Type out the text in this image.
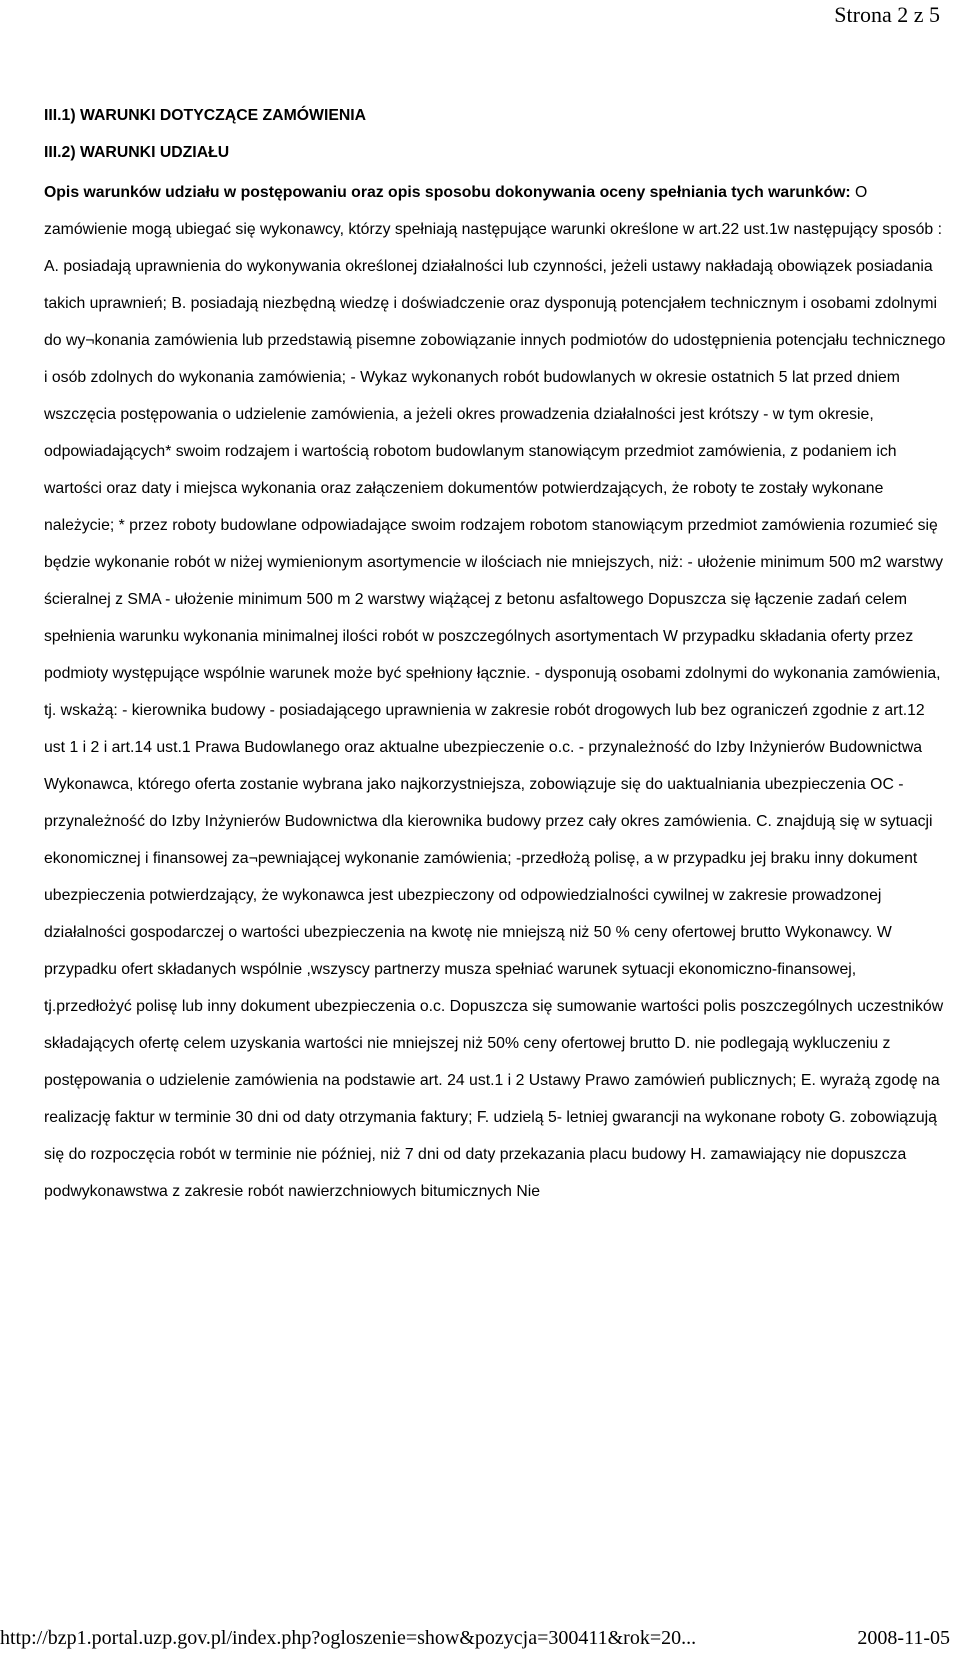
Strona 2 z 5

III.1) WARUNKI DOTYCZĄCE ZAMÓWIENIA

III.2) WARUNKI UDZIAŁU

Opis warunków udziału w postępowaniu oraz opis sposobu dokonywania oceny spełniania tych warunków: O zamówienie mogą ubiegać się wykonawcy, którzy spełniają następujące warunki określone w art.22 ust.1w następujący sposób : A. posiadają uprawnienia do wykonywania określonej działalności lub czynności, jeżeli ustawy nakładają obowiązek posiadania takich uprawnień; B. posiadają niezbędną wiedzę i doświadczenie oraz dysponują potencjałem technicznym i osobami zdolnymi do wy¬konania zamówienia lub przedstawią pisemne zobowiązanie innych podmiotów do udostępnienia potencjału technicznego i osób zdolnych do wykonania zamówienia; - Wykaz wykonanych robót budowlanych w okresie ostatnich 5 lat przed dniem wszczęcia postępowania o udzielenie zamówienia, a jeżeli okres prowadzenia działalności jest krótszy - w tym okresie, odpowiadających* swoim rodzajem i wartością robotom budowlanym stanowiącym przedmiot zamówienia, z podaniem ich wartości oraz daty i miejsca wykonania oraz załączeniem dokumentów potwierdzających, że roboty te zostały wykonane należycie; * przez roboty budowlane odpowiadające swoim rodzajem robotom stanowiącym przedmiot zamówienia rozumieć się będzie wykonanie robót w niżej wymienionym asortymencie w ilościach nie mniejszych, niż: - ułożenie minimum 500 m2 warstwy ścieralnej z SMA - ułożenie minimum 500 m 2 warstwy wiążącej z betonu asfaltowego Dopuszcza się łączenie zadań celem spełnienia warunku wykonania minimalnej ilości robót w poszczególnych asortymentach W przypadku składania oferty przez podmioty występujące wspólnie warunek może być spełniony łącznie. - dysponują osobami zdolnymi do wykonania zamówienia, tj. wskażą: - kierownika budowy - posiadającego uprawnienia w zakresie robót drogowych lub bez ograniczeń zgodnie z art.12 ust 1 i 2 i art.14 ust.1 Prawa Budowlanego oraz aktualne ubezpieczenie o.c. - przynależność do Izby Inżynierów Budownictwa Wykonawca, którego oferta zostanie wybrana jako najkorzystniejsza, zobowiązuje się do uaktualniania ubezpieczenia OC - przynależność do Izby Inżynierów Budownictwa dla kierownika budowy przez cały okres zamówienia. C. znajdują się w sytuacji ekonomicznej i finansowej za¬pewniającej wykonanie zamówienia; -przedłożą polisę, a w przypadku jej braku inny dokument ubezpieczenia potwierdzający, że wykonawca jest ubezpieczony od odpowiedzialności cywilnej w zakresie prowadzonej działalności gospodarczej o wartości ubezpieczenia na kwotę nie mniejszą niż 50 % ceny ofertowej brutto Wykonawcy. W przypadku ofert składanych wspólnie ,wszyscy partnerzy musza spełniać warunek sytuacji ekonomiczno-finansowej, tj.przedłożyć polisę lub inny dokument ubezpieczenia o.c. Dopuszcza się sumowanie wartości polis poszczególnych uczestników składających ofertę celem uzyskania wartości nie mniejszej niż 50% ceny ofertowej brutto D. nie podlegają wykluczeniu z postępowania o udzielenie zamówienia na podstawie art. 24 ust.1 i 2 Ustawy Prawo zamówień publicznych; E. wyrażą zgodę na realizację faktur w terminie 30 dni od daty otrzymania faktury; F. udzielą 5- letniej gwarancji na wykonane roboty G. zobowiązują się do rozpoczęcia robót w terminie nie później, niż 7 dni od daty przekazania placu budowy H. zamawiający nie dopuszcza podwykonawstwa z zakresie robót nawierzchniowych bitumicznych Nie

http://bzp1.portal.uzp.gov.pl/index.php?ogloszenie=show&pozycja=300411&rok=20...	2008-11-05
